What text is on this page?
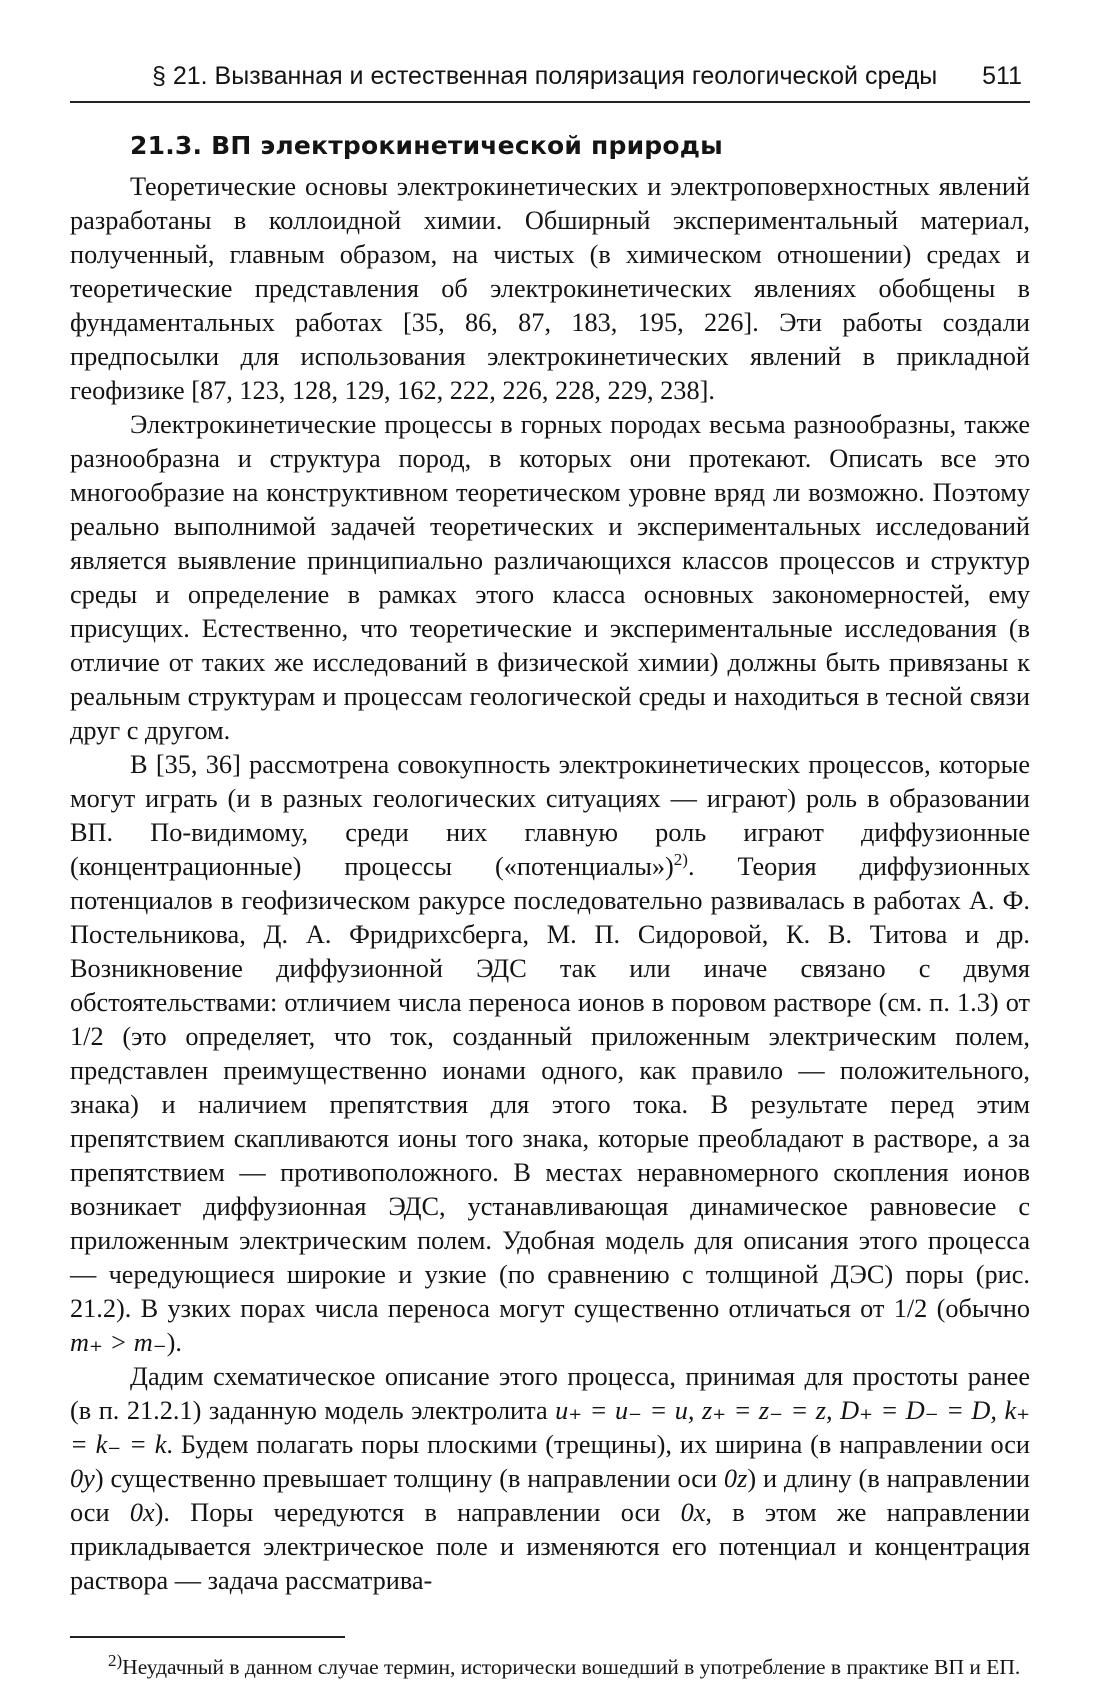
§ 21. Вызванная и естественная поляризация геологической среды 511
21.3. ВП электрокинетической природы

Теоретические основы электрокинетических и электроповерхностных явлений разработаны в коллоидной химии. Обширный экспериментальный материал, полученный, главным образом, на чистых (в химическом отношении) средах и теоретические представления об электрокинетических явлениях обобщены в фундаментальных работах [35, 86, 87, 183, 195, 226]. Эти работы создали предпосылки для использования электрокинетических явлений в прикладной геофизике [87, 123, 128, 129, 162, 222, 226, 228, 229, 238].

Электрокинетические процессы в горных породах весьма разнообразны, также разнообразна и структура пород, в которых они протекают. Описать все это многообразие на конструктивном теоретическом уровне вряд ли возможно. Поэтому реально выполнимой задачей теоретических и экспериментальных исследований является выявление принципиально различающихся классов процессов и структур среды и определение в рамках этого класса основных закономерностей, ему присущих. Естественно, что теоретические и экспериментальные исследования (в отличие от таких же исследований в физической химии) должны быть привязаны к реальным структурам и процессам геологической среды и находиться в тесной связи друг с другом.

В [35, 36] рассмотрена совокупность электрокинетических процессов, которые могут играть (и в разных геологических ситуациях — играют) роль в образовании ВП. По-видимому, среди них главную роль играют диффузионные (концентрационные) процессы («потенциалы»)$^{2)}$. Теория диффузионных потенциалов в геофизическом ракурсе последовательно развивалась в работах А. Ф. Постельникова, Д. А. Фридрихсберга, М. П. Сидоровой, К. В. Титова и др. Возникновение диффузионной ЭДС так или иначе связано с двумя обстоятельствами: отличием числа переноса ионов в поровом растворе (см. п. 1.3) от 1/2 (это определяет, что ток, созданный приложенным электрическим полем, представлен преимущественно ионами одного, как правило — положительного, знака) и наличием препятствия для этого тока. В результате перед этим препятствием скапливаются ионы того знака, которые преобладают в растворе, а за препятствием — противоположного. В местах неравномерного скопления ионов возникает диффузионная ЭДС, устанавливающая динамическое равновесие с приложенным электрическим полем. Удобная модель для описания этого процесса — чередующиеся широкие и узкие (по сравнению с толщиной ДЭС) поры (рис. 21.2). В узких порах числа переноса могут существенно отличаться от 1/2 (обычно m₊ > m₋).

Дадим схематическое описание этого процесса, принимая для простоты ранее (в п. 21.2.1) заданную модель электролита u₊ = u₋ = u, z₊ = z₋ = z, D₊ = D₋ = D, k₊ = k₋ = k. Будем полагать поры плоскими (трещины), их ширина (в направлении оси 0y) существенно превышает толщину (в направлении оси 0z) и длину (в направлении оси 0x). Поры чередуются в направлении оси 0x, в этом же направлении прикладывается электрическое поле и изменяются его потенциал и концентрация раствора — задача рассматрива-

$^{2)}$Неудачный в данном случае термин, исторически вошедший в употребление в практике ВП и ЕП.
